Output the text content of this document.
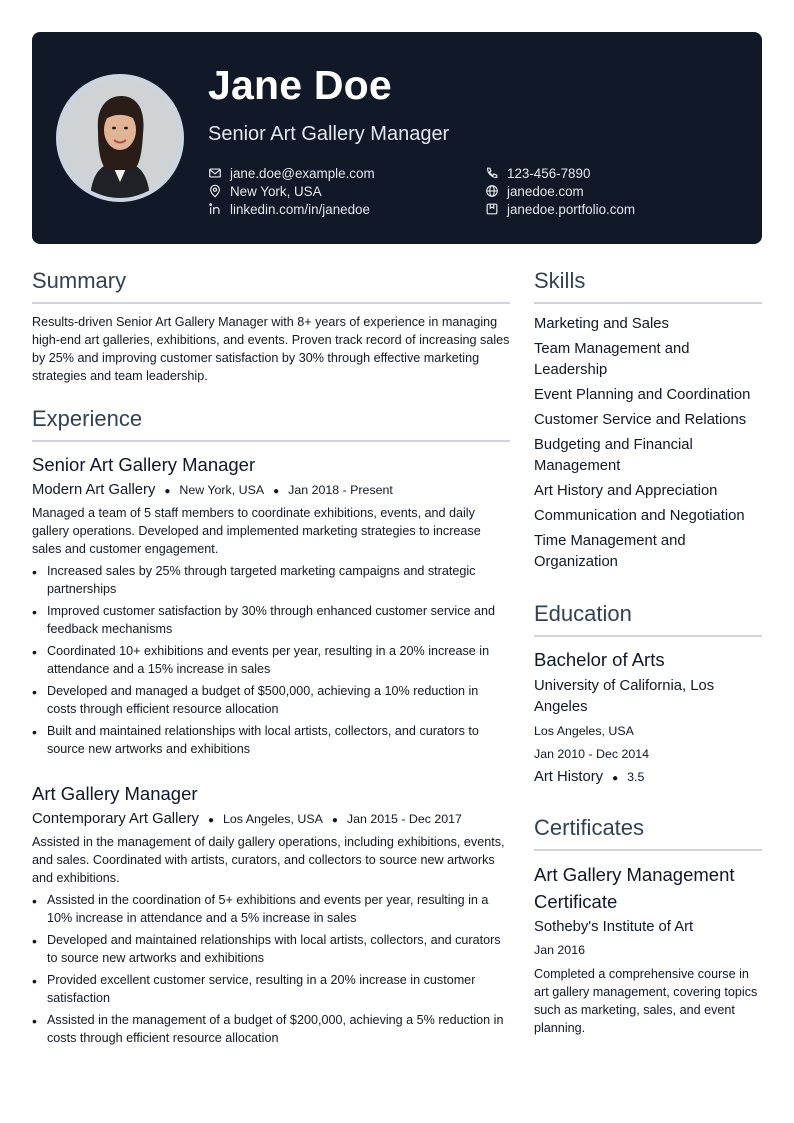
Jane Doe
Senior Art Gallery Manager
jane.doe@example.com	123-456-7890
New York, USA	janedoe.com
linkedin.com/in/janedoe	janedoe.portfolio.com
Summary

Results-driven Senior Art Gallery Manager with 8+ years of experience in managing high-end art galleries, exhibitions, and events. Proven track record of increasing sales by 25% and improving customer satisfaction by 30% through effective marketing strategies and team leadership.

Experience
Senior Art Gallery Manager
Modern Art Gallery ● New York, USA ● Jan 2018 - Present

Managed a team of 5 staff members to coordinate exhibitions, events, and daily gallery operations. Developed and implemented marketing strategies to increase sales and customer engagement.

• Increased sales by 25% through targeted marketing campaigns and strategic partnerships
• Improved customer satisfaction by 30% through enhanced customer service and feedback mechanisms
• Coordinated 10+ exhibitions and events per year, resulting in a 20% increase in attendance and a 15% increase in sales
• Developed and managed a budget of $500,000, achieving a 10% reduction in costs through efficient resource allocation
• Built and maintained relationships with local artists, collectors, and curators to source new artworks and exhibitions
Art Gallery Manager
Contemporary Art Gallery ● Los Angeles, USA ● Jan 2015 - Dec 2017

Assisted in the management of daily gallery operations, including exhibitions, events, and sales. Coordinated with artists, curators, and collectors to source new artworks and exhibitions.

• Assisted in the coordination of 5+ exhibitions and events per year, resulting in a 10% increase in attendance and a 5% increase in sales
• Developed and maintained relationships with local artists, collectors, and curators to source new artworks and exhibitions
• Provided excellent customer service, resulting in a 20% increase in customer satisfaction
• Assisted in the management of a budget of $200,000, achieving a 5% reduction in costs through efficient resource allocation
Skills
Marketing and Sales
Team Management and Leadership
Event Planning and Coordination
Customer Service and Relations
Budgeting and Financial Management
Art History and Appreciation
Communication and Negotiation
Time Management and Organization
Education
Bachelor of Arts
University of California, Los Angeles
Los Angeles, USA
Jan 2010 - Dec 2014
Art History ● 3.5
Certificates
Art Gallery Management Certificate
Sotheby's Institute of Art
Jan 2016

Completed a comprehensive course in art gallery management, covering topics such as marketing, sales, and event planning.
